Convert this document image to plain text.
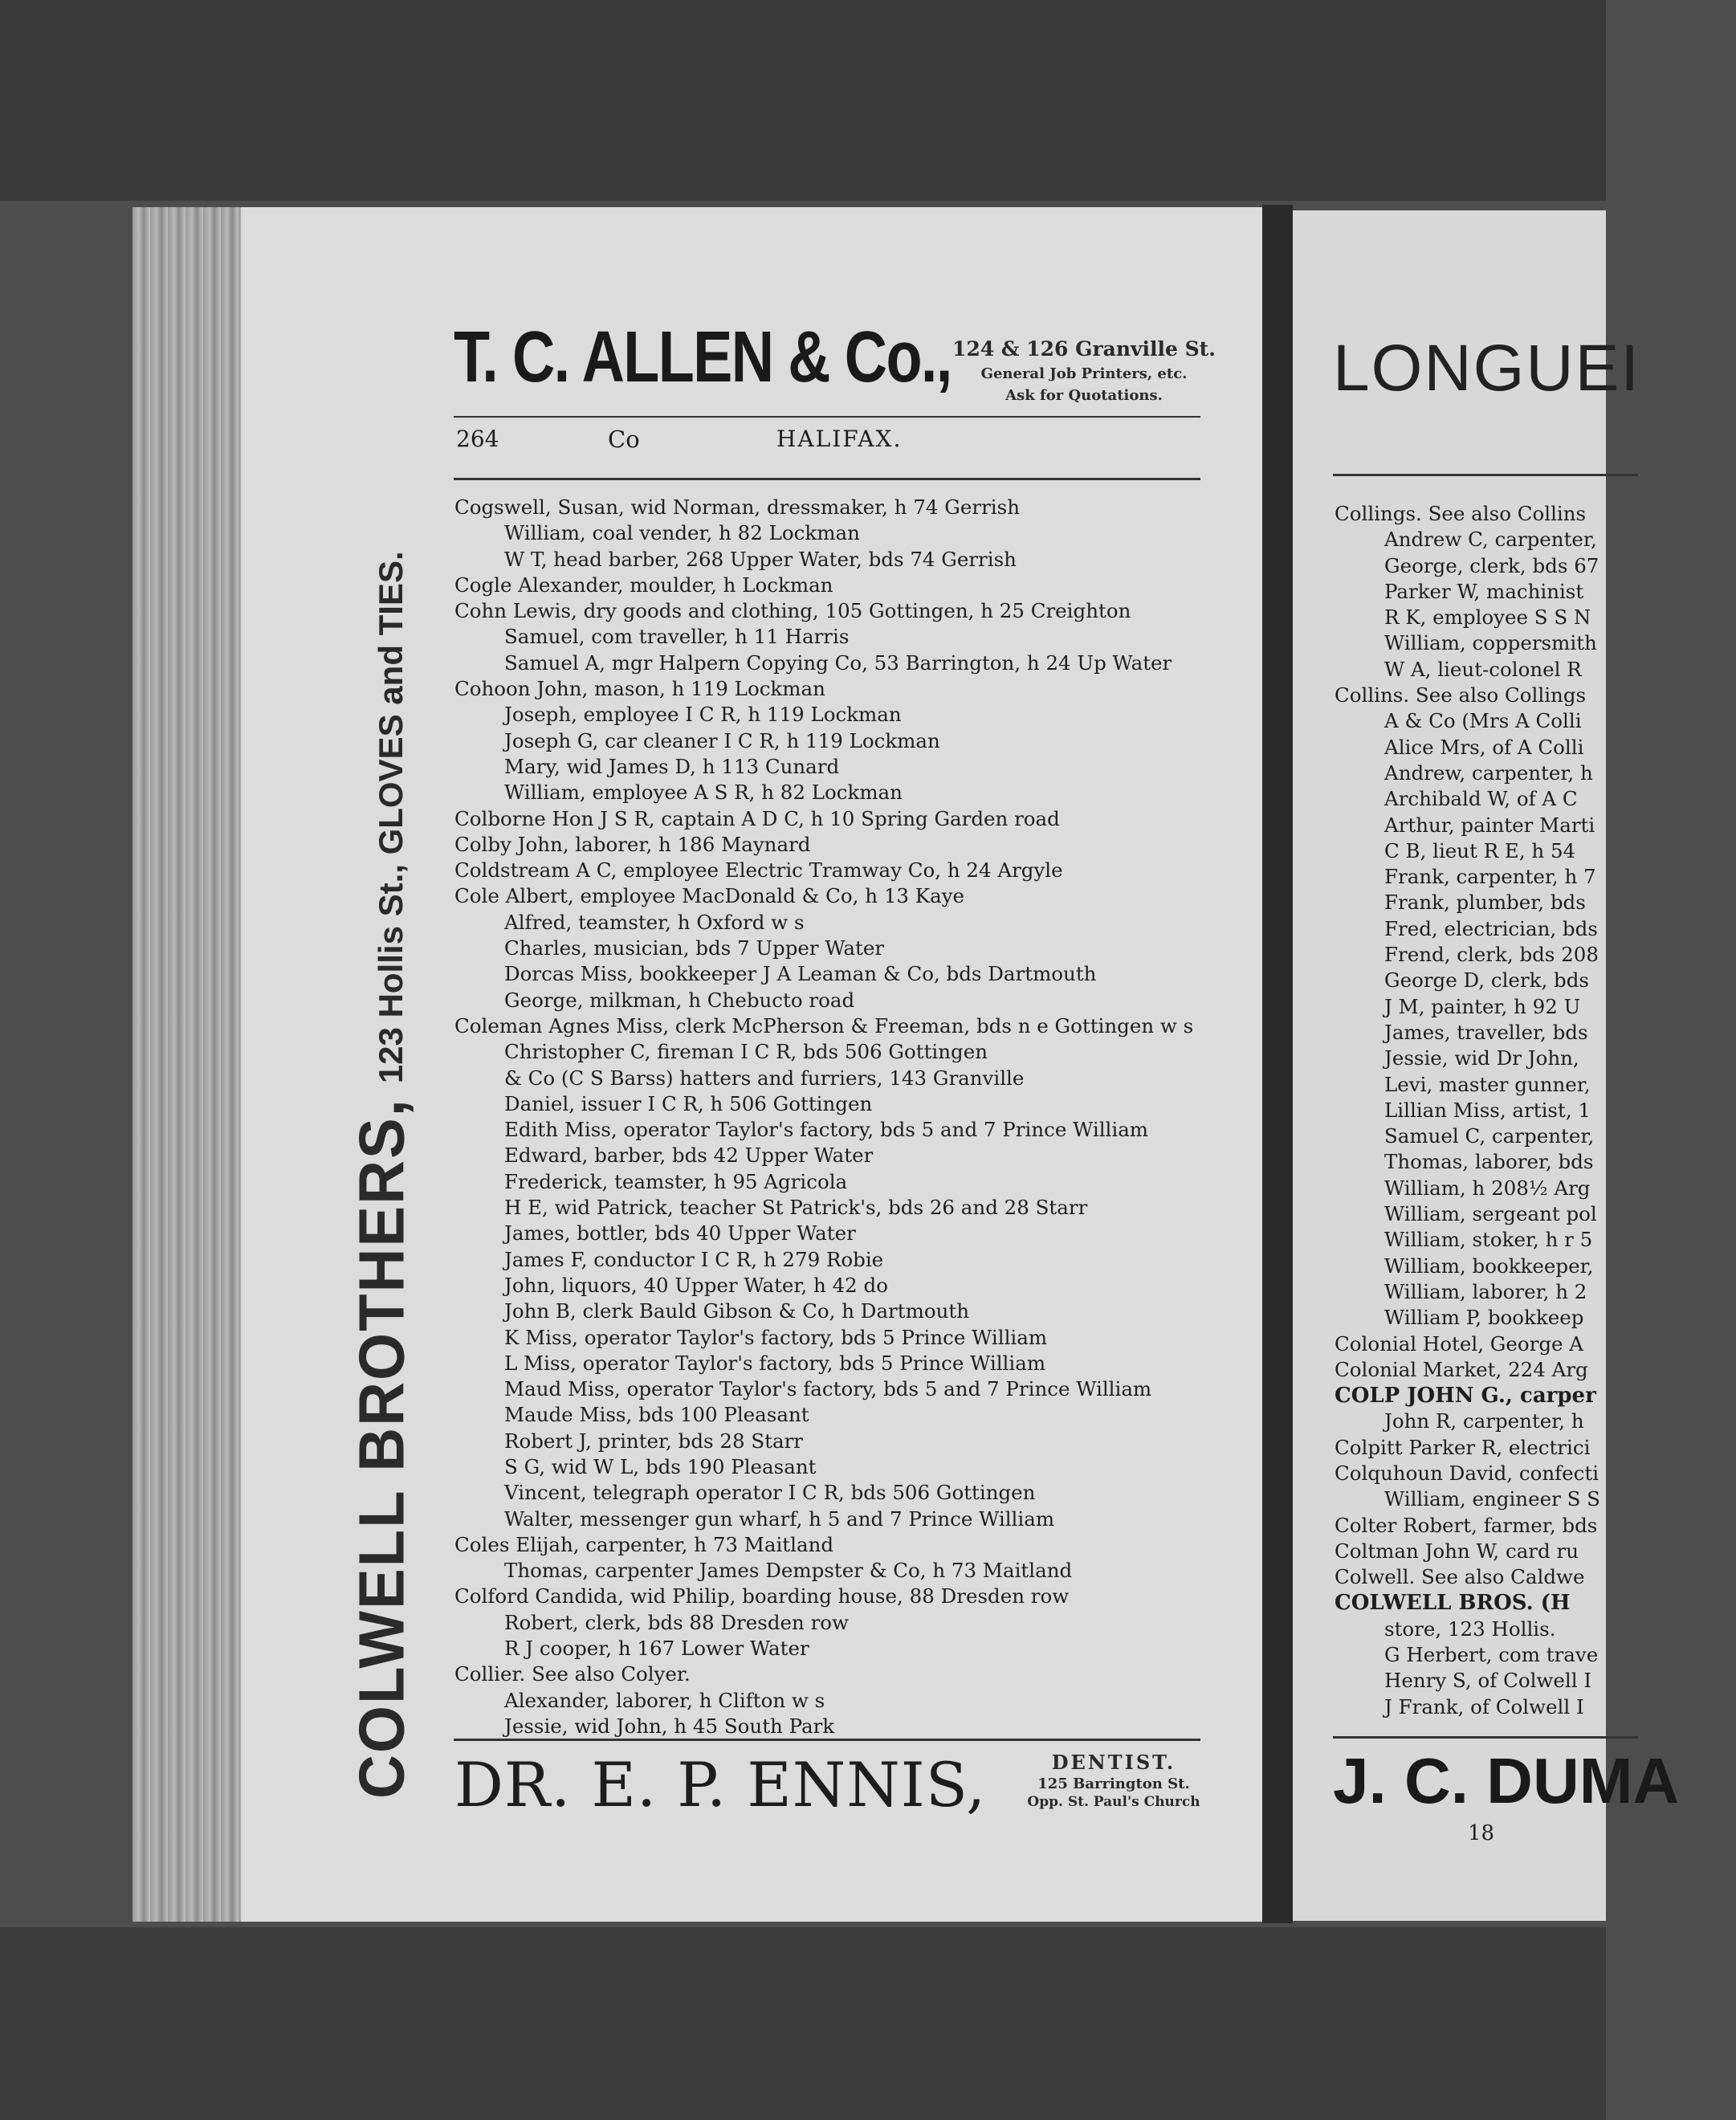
COLWELL BROTHERS,
123 Hollis St., GLOVES and TIES.
T. C. ALLEN & Co., 124 & 126 Granville St.
General Job Printers, etc.
Ask for Quotations.
264	Co	HALIFAX.
Cogswell, Susan, wid Norman, dressmaker, h 74 Gerrish
William, coal vender, h 82 Lockman
W T, head barber, 268 Upper Water, bds 74 Gerrish
Cogle Alexander, moulder, h Lockman
Cohn Lewis, dry goods and clothing, 105 Gottingen, h 25 Creighton
Samuel, com traveller, h 11 Harris
Samuel A, mgr Halpern Copying Co, 53 Barrington, h 24 Up Water
Cohoon John, mason, h 119 Lockman
Joseph, employee I C R, h 119 Lockman
Joseph G, car cleaner I C R, h 119 Lockman
Mary, wid James D, h 113 Cunard
William, employee A S R, h 82 Lockman
Colborne Hon J S R, captain A D C, h 10 Spring Garden road
Colby John, laborer, h 186 Maynard
Coldstream A C, employee Electric Tramway Co, h 24 Argyle
Cole Albert, employee MacDonald & Co, h 13 Kaye
Alfred, teamster, h Oxford w s
Charles, musician, bds 7 Upper Water
Dorcas Miss, bookkeeper J A Leaman & Co, bds Dartmouth
George, milkman, h Chebucto road
Coleman Agnes Miss, clerk McPherson & Freeman, bds n e Gottingen w s
Christopher C, fireman I C R, bds 506 Gottingen
& Co (C S Barss) hatters and furriers, 143 Granville
Daniel, issuer I C R, h 506 Gottingen
Edith Miss, operator Taylor's factory, bds 5 and 7 Prince William
Edward, barber, bds 42 Upper Water
Frederick, teamster, h 95 Agricola
H E, wid Patrick, teacher St Patrick's, bds 26 and 28 Starr
James, bottler, bds 40 Upper Water
James F, conductor I C R, h 279 Robie
John, liquors, 40 Upper Water, h 42 do
John B, clerk Bauld Gibson & Co, h Dartmouth
K Miss, operator Taylor's factory, bds 5 Prince William
L Miss, operator Taylor's factory, bds 5 Prince William
Maud Miss, operator Taylor's factory, bds 5 and 7 Prince William
Maude Miss, bds 100 Pleasant
Robert J, printer, bds 28 Starr
S G, wid W L, bds 190 Pleasant
Vincent, telegraph operator I C R, bds 506 Gottingen
Walter, messenger gun wharf, h 5 and 7 Prince William
Coles Elijah, carpenter, h 73 Maitland
Thomas, carpenter James Dempster & Co, h 73 Maitland
Colford Candida, wid Philip, boarding house, 88 Dresden row
Robert, clerk, bds 88 Dresden row
R J cooper, h 167 Lower Water
Collier. See also Colyer.
Alexander, laborer, h Clifton w s
Jessie, wid John, h 45 South Park
DR. E. P. ENNIS,	DENTIST.
125 Barrington St.
Opp. St. Paul's Church
LONGUEI
Collings. See also Collins
Andrew C, carpenter,
George, clerk, bds 67
Parker W, machinist
R K, employee S S N
William, coppersmith
W A, lieut-colonel R
Collins. See also Collings
A & Co (Mrs A Colli
Alice Mrs, of A Colli
Andrew, carpenter, h
Archibald W, of A C
Arthur, painter Marti
C B, lieut R E, h 54
Frank, carpenter, h 7
Frank, plumber, bds
Fred, electrician, bds
Frend, clerk, bds 208
George D, clerk, bds
J M, painter, h 92 U
James, traveller, bds
Jessie, wid Dr John,
Levi, master gunner,
Lillian Miss, artist, 1
Samuel C, carpenter,
Thomas, laborer, bds
William, h 208½ Arg
William, sergeant pol
William, stoker, h r 5
William, bookkeeper,
William, laborer, h 2
William P, bookkeep
Colonial Hotel, George A
Colonial Market, 224 Arg
COLP JOHN G., carper
John R, carpenter, h
Colpitt Parker R, electrici
Colquhoun David, confecti
William, engineer S S
Colter Robert, farmer, bds
Coltman John W, card ru
Colwell. See also Caldwe
COLWELL BROS. (H
store, 123 Hollis.
G Herbert, com trave
Henry S, of Colwell I
J Frank, of Colwell I
J. C. DUMA
18
